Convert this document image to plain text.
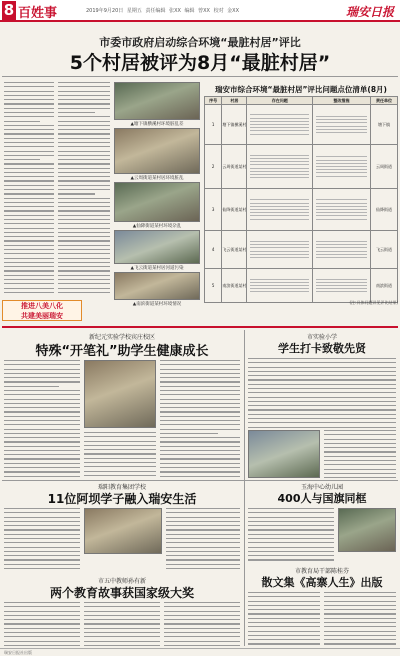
8 百姓事	2019年9月20日 星期五 责任编辑 张XX 编辑 曾XX 校对 金XX	瑞安日报
市委市政府启动综合环境“最脏村居”评比
5个村居被评为8月“最脏村居”
▲塘下镇横溪村环境脏乱差
▲云周街道某村居环境脏乱
▲仙降街道某村环境杂乱
▲飞云街道某村居河道污染
▲南滨街道某村环境情况
推进八美八化
共建美丽瑞安
瑞安市综合环境“最脏村居”评比问题点位清单(8月)
序号	村居	存在问题	整改措施	责任单位
1	塘下镇横溪村			塘下镇
2	云周街道某村			云周街道
3	仙降街道某村			仙降街道
4	飞云街道某村			飞云街道
5	南滨街道某村			南滨街道
(注:具体问题详见评比结果)
新纪元实验学校宾庄校区
特殊“开笔礼”助学生健康成长
市实验小学
学生打卡致敬先贤
瑞阳教育集团学校
11位阿坝学子融入瑞安生活
玉海中心幼儿园
400人与国旗同框
市五中教师孙有新
两个教育故事获国家级大奖
市教育局干部陈桂芬
散文集《高寨人生》出版
瑞安日报社出版
